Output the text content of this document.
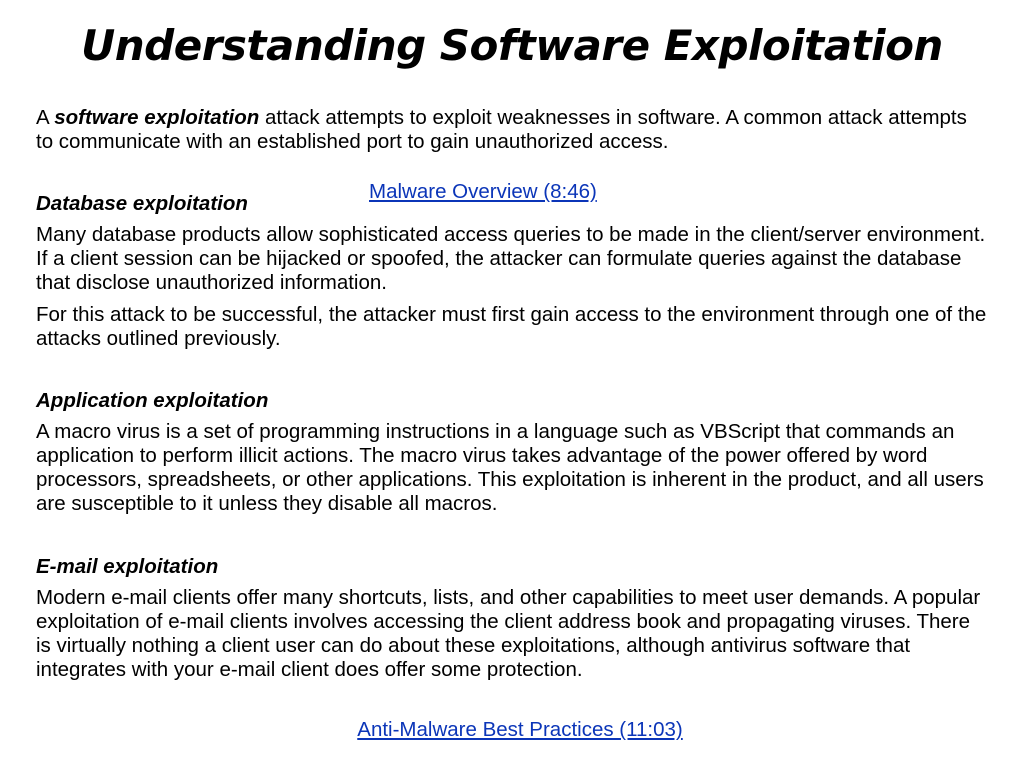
Understanding Software Exploitation

A software exploitation attack attempts to exploit weaknesses in software. A common attack attempts to communicate with an established port to gain unauthorized access.

Malware Overview (8:46)
Database exploitation
Many database products allow sophisticated access queries to be made in the client/server environment. If a client session can be hijacked or spoofed, the attacker can formulate queries against the database that disclose unauthorized information.
For this attack to be successful, the attacker must first gain access to the environment through one of the attacks outlined previously.
Application exploitation
A macro virus is a set of programming instructions in a language such as VBScript that commands an application to perform illicit actions. The macro virus takes advantage of the power offered by word processors, spreadsheets, or other applications. This exploitation is inherent in the product, and all users are susceptible to it unless they disable all macros.
E-mail exploitation
Modern e-mail clients offer many shortcuts, lists, and other capabilities to meet user demands. A popular exploitation of e-mail clients involves accessing the client address book and propagating viruses. There is virtually nothing a client user can do about these exploitations, although antivirus software that integrates with your e-mail client does offer some protection.
Anti-Malware Best Practices (11:03)
